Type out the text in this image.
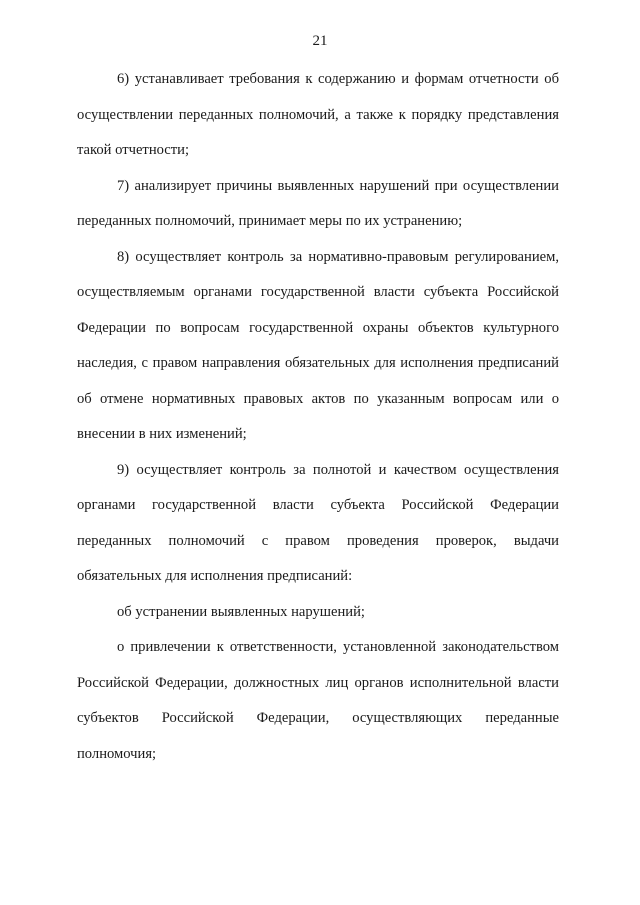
21

6) устанавливает требования к содержанию и формам отчетности об осуществлении переданных полномочий, а также к порядку представления такой отчетности;

7) анализирует причины выявленных нарушений при осуществлении переданных полномочий, принимает меры по их устранению;

8) осуществляет контроль за нормативно-правовым регулированием, осуществляемым органами государственной власти субъекта Российской Федерации по вопросам государственной охраны объектов культурного наследия, с правом направления обязательных для исполнения предписаний об отмене нормативных правовых актов по указанным вопросам или о внесении в них изменений;

9) осуществляет контроль за полнотой и качеством осуществления органами государственной власти субъекта Российской Федерации переданных полномочий с правом проведения проверок, выдачи обязательных для исполнения предписаний:

об устранении выявленных нарушений;

о привлечении к ответственности, установленной законодательством Российской Федерации, должностных лиц органов исполнительной власти субъектов Российской Федерации, осуществляющих переданные полномочия;
